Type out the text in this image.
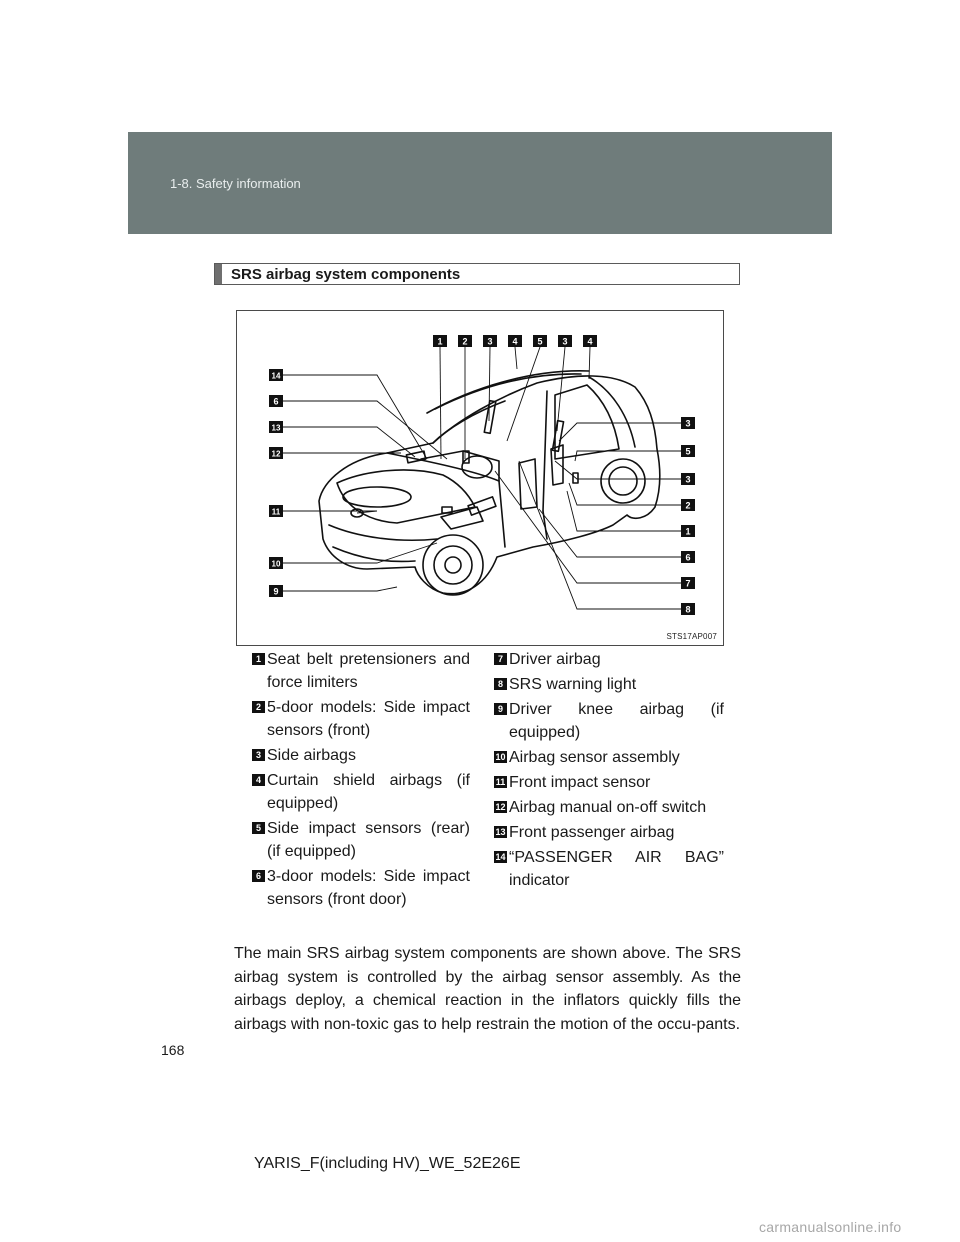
1-8. Safety information
SRS airbag system components
1 2 3 4 5 3 4
14
6
13
12
11
10
9
3
5
3
2
1
6
7
8
STS17AP007
1 Seat belt pretensioners and force limiters
2 5-door models: Side impact sensors (front)
3 Side airbags
4 Curtain shield airbags (if equipped)
5 Side impact sensors (rear) (if equipped)
6 3-door models: Side impact sensors (front door)
7 Driver airbag
8 SRS warning light
9 Driver knee airbag (if equipped)
10 Airbag sensor assembly
11 Front impact sensor
12 Airbag manual on-off switch
13 Front passenger airbag
14 “PASSENGER AIR BAG” indicator
The main SRS airbag system components are shown above. The SRS airbag system is controlled by the airbag sensor assembly. As the airbags deploy, a chemical reaction in the inflators quickly fills the airbags with non-toxic gas to help restrain the motion of the occu-pants.
168
YARIS_F(including HV)_WE_52E26E
carmanualsonline.info
